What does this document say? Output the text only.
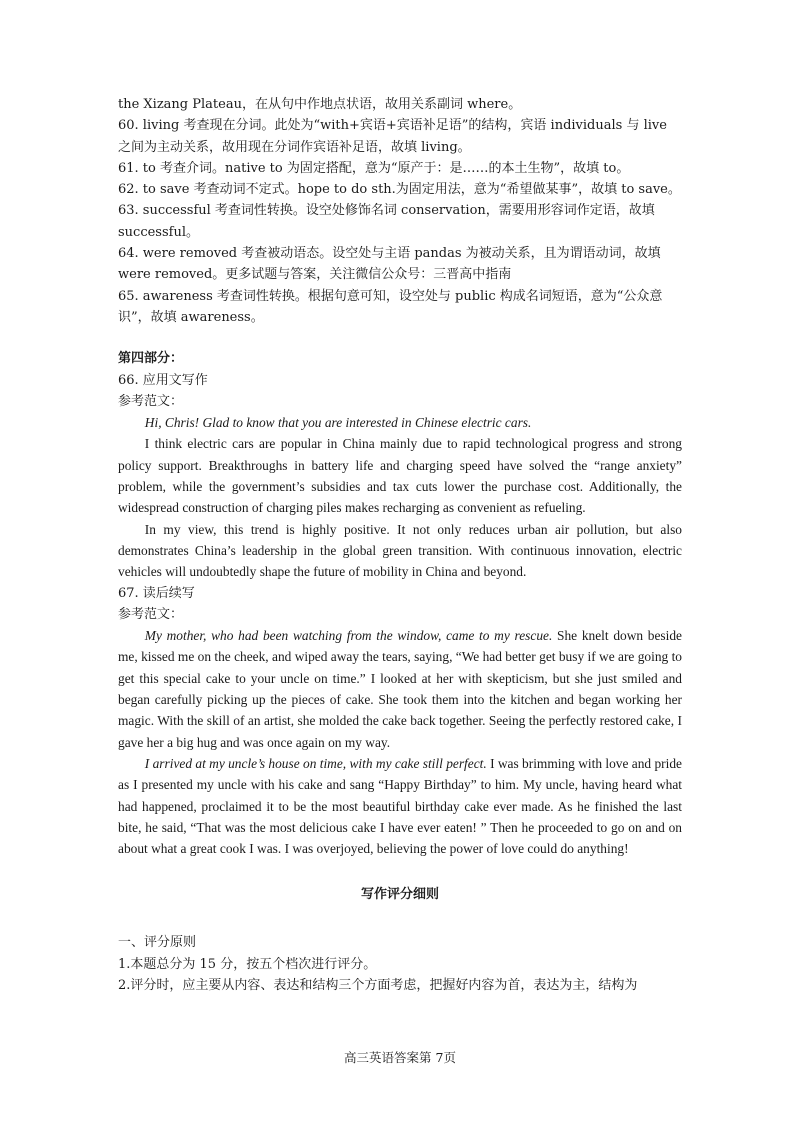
the Xizang Plateau，在从句中作地点状语，故用关系副词 where。
60. living 考查现在分词。此处为“with+宾语+宾语补足语”的结构，宾语 individuals 与 live 之间为主动关系，故用现在分词作宾语补足语，故填 living。
61. to 考查介词。native to 为固定搭配，意为“原产于：是……的本土生物”，故填 to。
62. to save 考查动词不定式。hope to do sth.为固定用法，意为“希望做某事”，故填 to save。
63. successful 考查词性转换。设空处修饰名词 conservation，需要用形容词作定语，故填 successful。
64. were removed 考查被动语态。设空处与主语 pandas 为被动关系，且为谓语动词，故填 were removed。更多试题与答案，关注微信公众号：三晋高中指南
65. awareness 考查词性转换。根据句意可知，设空处与 public 构成名词短语，意为“公众意识”，故填 awareness。
第四部分：
66. 应用文写作
参考范文：
Hi, Chris! Glad to know that you are interested in Chinese electric cars.
I think electric cars are popular in China mainly due to rapid technological progress and strong policy support. Breakthroughs in battery life and charging speed have solved the “range anxiety” problem, while the government’s subsidies and tax cuts lower the purchase cost. Additionally, the widespread construction of charging piles makes recharging as convenient as refueling.
In my view, this trend is highly positive. It not only reduces urban air pollution, but also demonstrates China’s leadership in the global green transition. With continuous innovation, electric vehicles will undoubtedly shape the future of mobility in China and beyond.
67. 读后续写
参考范文：
My mother, who had been watching from the window, came to my rescue. She knelt down beside me, kissed me on the cheek, and wiped away the tears, saying, “We had better get busy if we are going to get this special cake to your uncle on time.” I looked at her with skepticism, but she just smiled and began carefully picking up the pieces of cake. She took them into the kitchen and began working her magic. With the skill of an artist, she molded the cake back together. Seeing the perfectly restored cake, I gave her a big hug and was once again on my way.
I arrived at my uncle’s house on time, with my cake still perfect. I was brimming with love and pride as I presented my uncle with his cake and sang “Happy Birthday” to him. My uncle, having heard what had happened, proclaimed it to be the most beautiful birthday cake ever made. As he finished the last bite, he said, “That was the most delicious cake I have ever eaten! ” Then he proceeded to go on and on about what a great cook I was. I was overjoyed, believing the power of love could do anything!
写作评分细则
一、评分原则
1.本题总分为 15 分，按五个档次进行评分。
2.评分时，应主要从内容、表达和结构三个方面考虑，把握好内容为首，表达为主，结构为
高三英语答案第 7页
